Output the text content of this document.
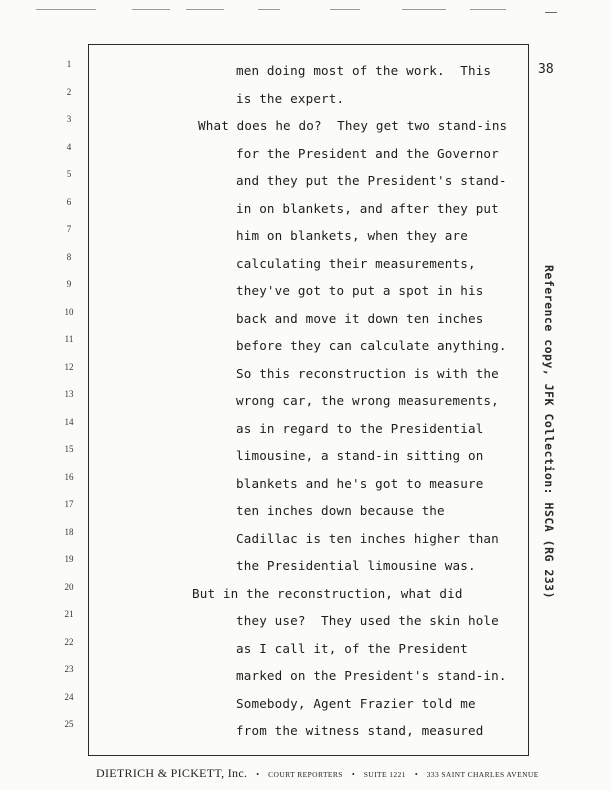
1
2
3
4
5
6
7
8
9
10
11
12
13
14
15
16
17
18
19
20
21
22
23
24
25
men doing most of the work.  This
is the expert.
What does he do?  They get two stand-ins
for the President and the Governor
and they put the President's stand-
in on blankets, and after they put
him on blankets, when they are
calculating their measurements,
they've got to put a spot in his
back and move it down ten inches
before they can calculate anything.
So this reconstruction is with the
wrong car, the wrong measurements,
as in regard to the Presidential
limousine, a stand-in sitting on
blankets and he's got to measure
ten inches down because the
Cadillac is ten inches higher than
the Presidential limousine was.
But in the reconstruction, what did
they use?  They used the skin hole
as I call it, of the President
marked on the President's stand-in.
Somebody, Agent Frazier told me
from the witness stand, measured
38
Reference copy, JFK Collection: HSCA (RG 233)
DIETRICH & PICKETT, Inc. • COURT REPORTERS • SUITE 1221 • 333 SAINT CHARLES AVENUE
